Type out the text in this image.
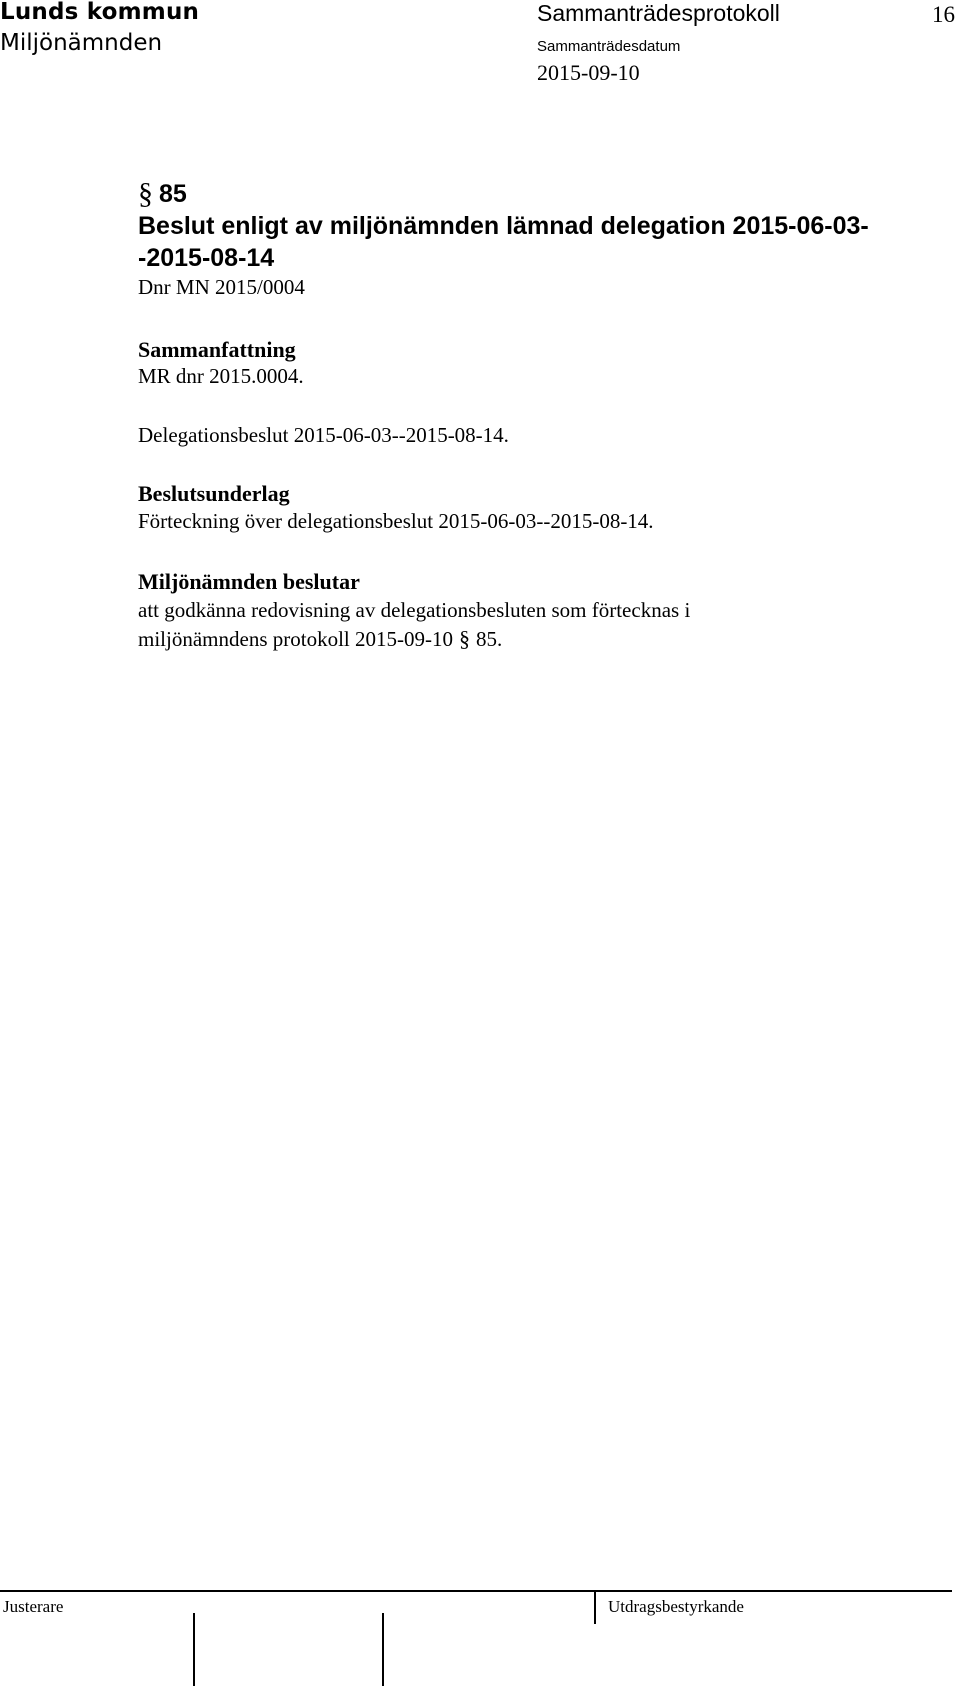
Lunds kommun
Miljönämnden
Sammanträdesprotokoll
Sammanträdesdatum
2015-09-10
16
§ 85
Beslut enligt av miljönämnden lämnad delegation 2015-06-03--2015-08-14
Dnr MN 2015/0004
Sammanfattning
MR dnr 2015.0004.
Delegationsbeslut 2015-06-03--2015-08-14.
Beslutsunderlag
Förteckning över delegationsbeslut 2015-06-03--2015-08-14.
Miljönämnden beslutar
att godkänna redovisning av delegationsbesluten som förtecknas i
miljönämndens protokoll 2015-09-10 § 85.
Justerare	Utdragsbestyrkande
